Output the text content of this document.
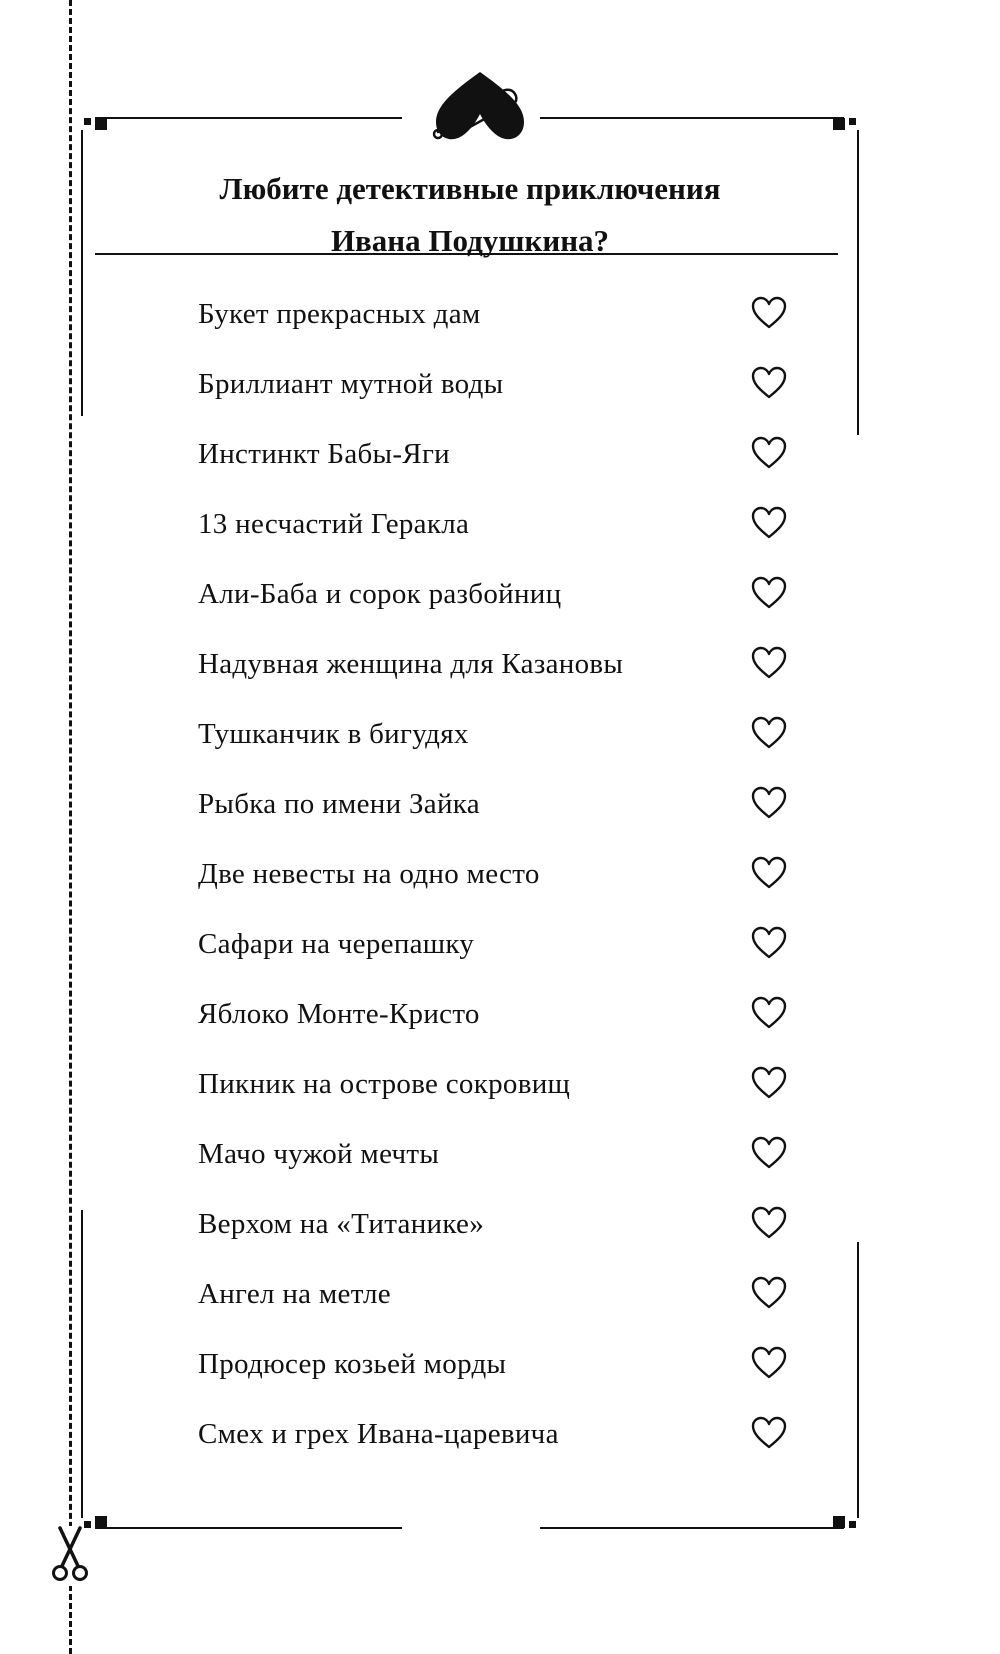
Любите детективные приключения
Ивана Подушкина?
Букет прекрасных дам
Бриллиант мутной воды
Инстинкт Бабы-Яги
13 несчастий Геракла
Али-Баба и сорок разбойниц
Надувная женщина для Казановы
Тушканчик в бигудях
Рыбка по имени Зайка
Две невесты на одно место
Сафари на черепашку
Яблоко Монте-Кристо
Пикник на острове сокровищ
Мачо чужой мечты
Верхом на «Титанике»
Ангел на метле
Продюсер козьей морды
Смех и грех Ивана-царевича
